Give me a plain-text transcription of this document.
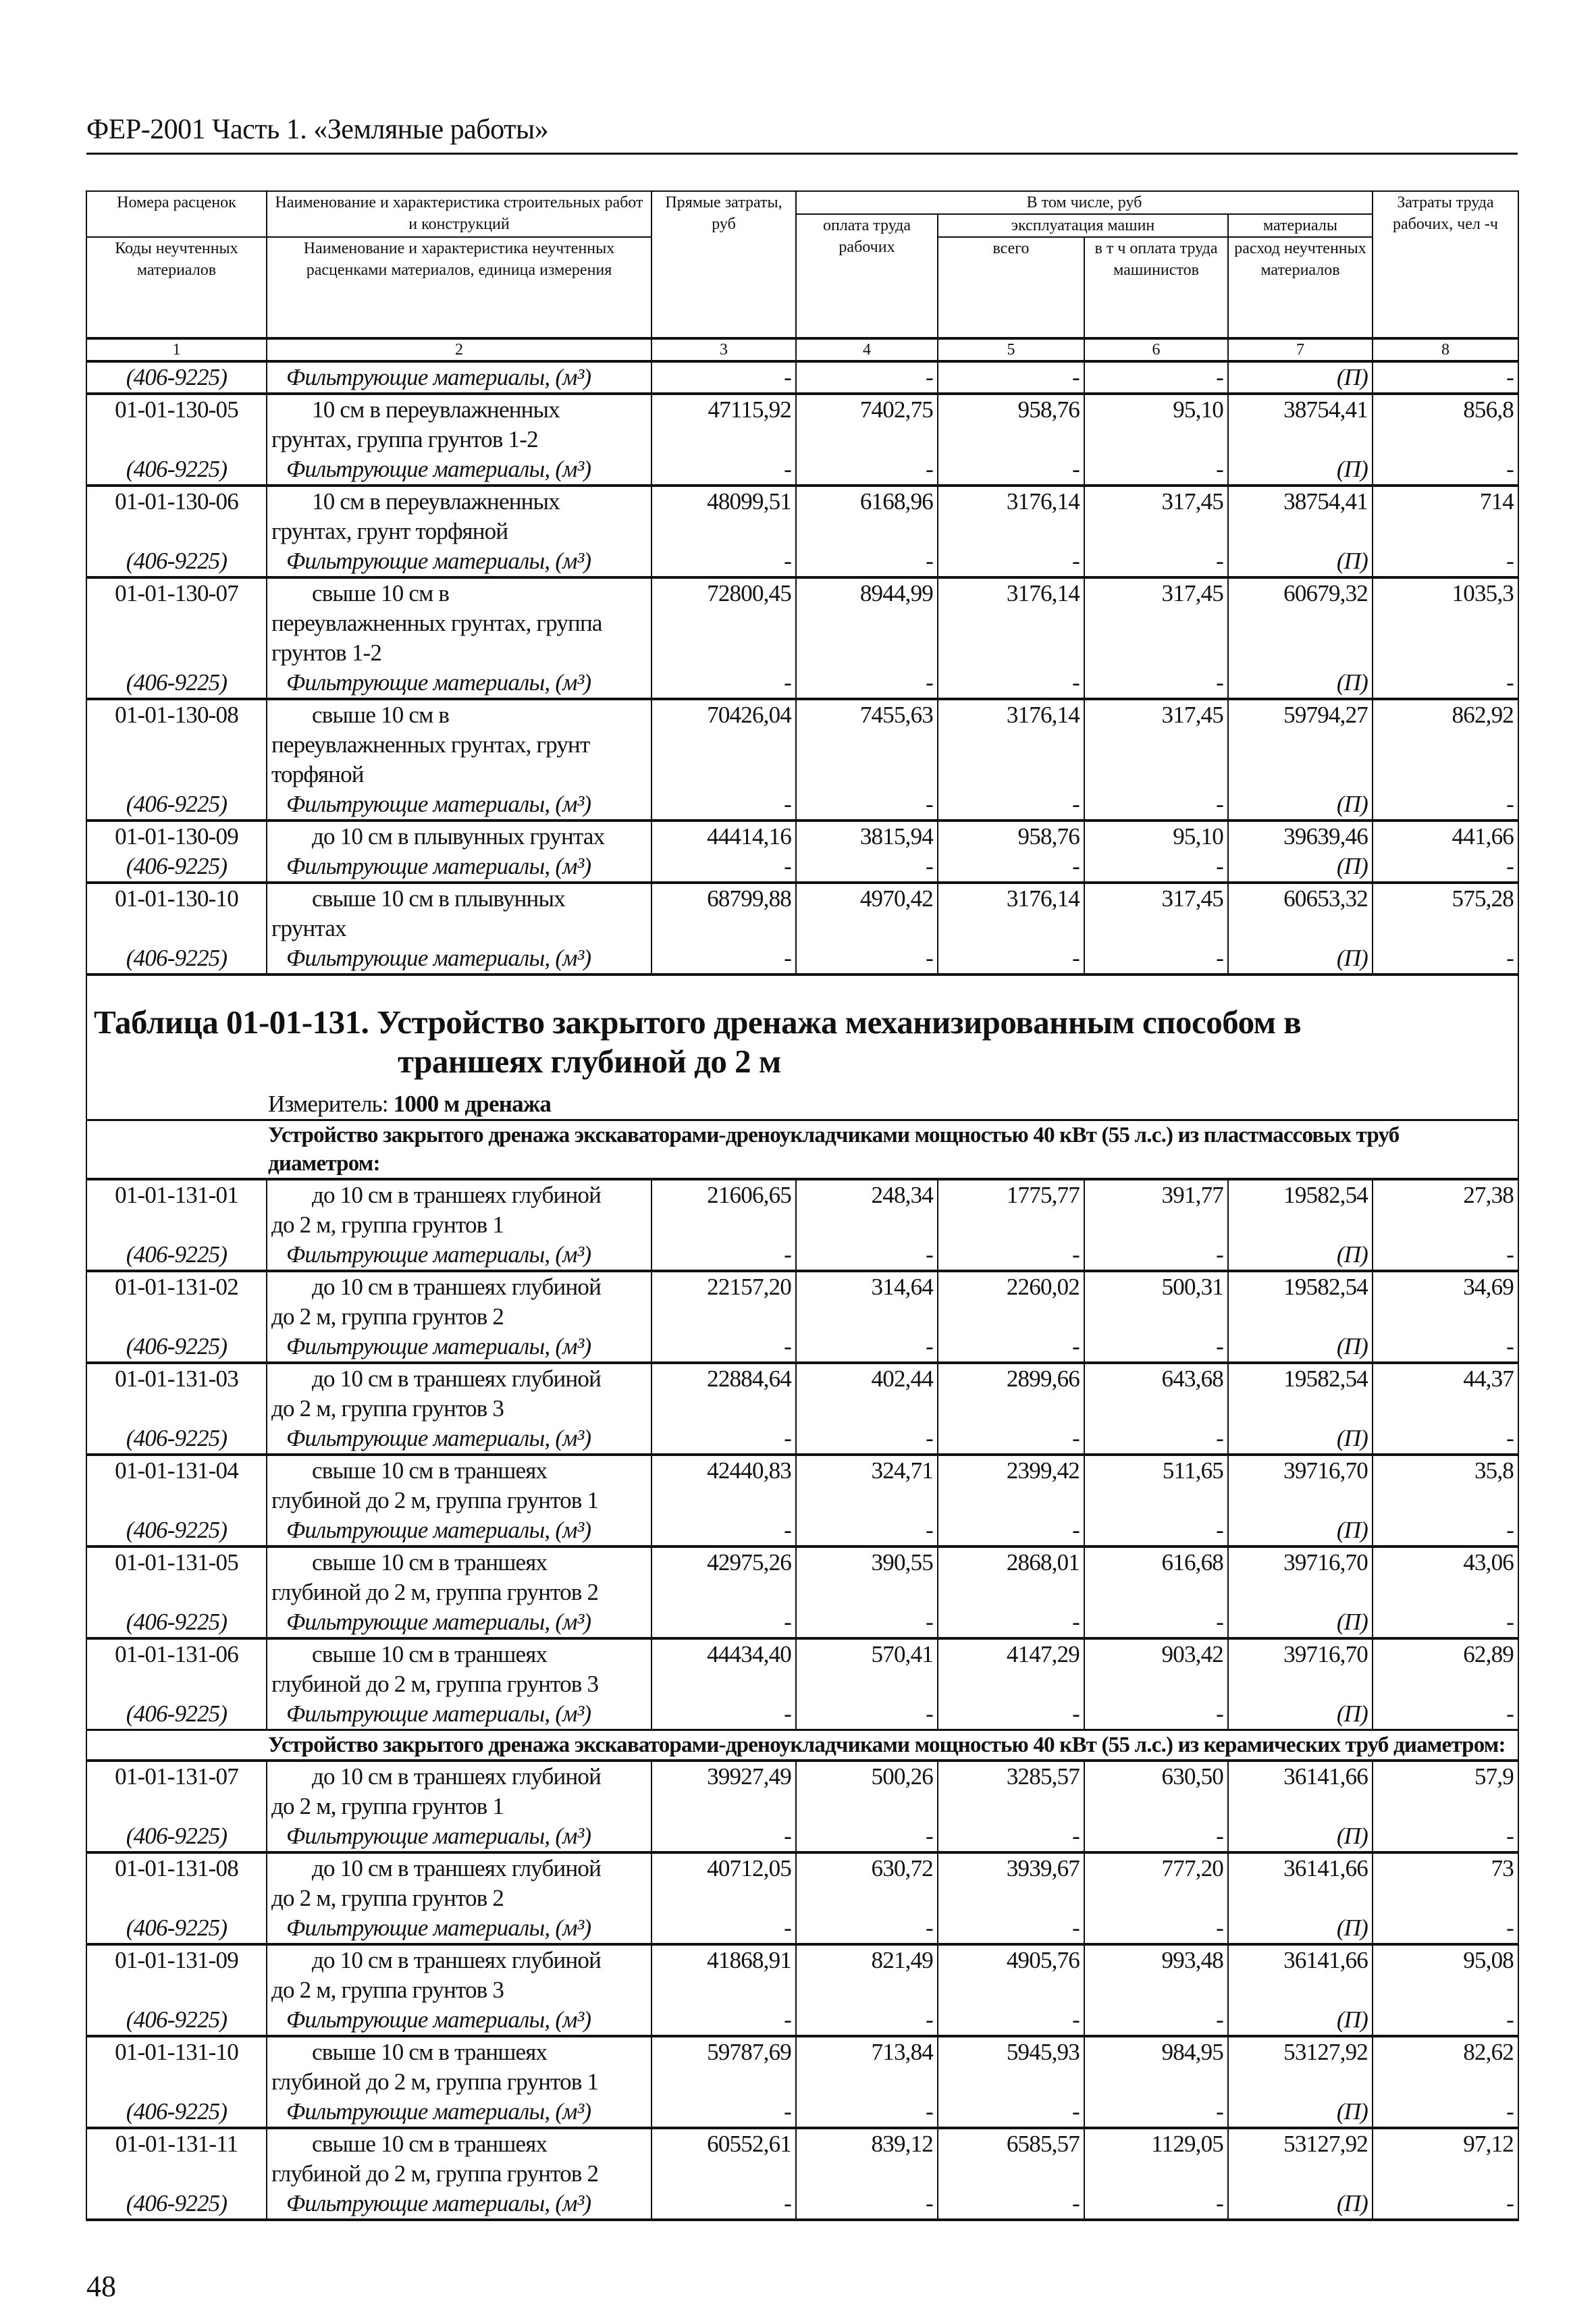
ФЕР-2001 Часть 1. «Земляные работы»
Номера расценок	Наименование и характеристика строительных работ и конструкций	Прямые затраты, руб	В том числе, руб				Затраты труда рабочих, чел -ч
			оплата труда рабочих	эксплуатация машин		материалы	
Коды неучтенных материалов	Наименование и характеристика неучтенных расценками материалов, единица измерения			всего	в т ч оплата труда машинистов	расход неучтенных материалов	
1	2	3	4	5	6	7	8
(406-9225)	Фильтрующие материалы, (м³)	-	-	-	-	(П)	-
01-01-130-05	10 см в переувлажненных
грунтах, группа грунтов 1-2	47115,92	7402,75	958,76	95,10	38754,41	856,8
(406-9225)	Фильтрующие материалы, (м³)	-	-	-	-	(П)	-
01-01-130-06	10 см в переувлажненных
грунтах, грунт торфяной	48099,51	6168,96	3176,14	317,45	38754,41	714
(406-9225)	Фильтрующие материалы, (м³)	-	-	-	-	(П)	-
01-01-130-07	свыше 10 см в
переувлажненных грунтах, группа
грунтов 1-2	72800,45	8944,99	3176,14	317,45	60679,32	1035,3
(406-9225)	Фильтрующие материалы, (м³)	-	-	-	-	(П)	-
01-01-130-08	свыше 10 см в
переувлажненных грунтах, грунт
торфяной	70426,04	7455,63	3176,14	317,45	59794,27	862,92
(406-9225)	Фильтрующие материалы, (м³)	-	-	-	-	(П)	-
01-01-130-09	до 10 см в плывунных грунтах	44414,16	3815,94	958,76	95,10	39639,46	441,66
(406-9225)	Фильтрующие материалы, (м³)	-	-	-	-	(П)	-
01-01-130-10	свыше 10 см в плывунных
грунтах	68799,88	4970,42	3176,14	317,45	60653,32	575,28
(406-9225)	Фильтрующие материалы, (м³)	-	-	-	-	(П)	-

Таблица 01-01-131. Устройство закрытого дренажа механизированным способом в
траншеях глубиной до 2 м
Измеритель: 1000 м дренажа							

Устройство закрытого дренажа экскаваторами-дреноукладчиками мощностью 40 кВт (55 л.с.) из пластмассовых труб диаметром:							
01-01-131-01	до 10 см в траншеях глубиной
до 2 м, группа грунтов 1	21606,65	248,34	1775,77	391,77	19582,54	27,38
(406-9225)	Фильтрующие материалы, (м³)	-	-	-	-	(П)	-
01-01-131-02	до 10 см в траншеях глубиной
до 2 м, группа грунтов 2	22157,20	314,64	2260,02	500,31	19582,54	34,69
(406-9225)	Фильтрующие материалы, (м³)	-	-	-	-	(П)	-
01-01-131-03	до 10 см в траншеях глубиной
до 2 м, группа грунтов 3	22884,64	402,44	2899,66	643,68	19582,54	44,37
(406-9225)	Фильтрующие материалы, (м³)	-	-	-	-	(П)	-
01-01-131-04	свыше 10 см в траншеях
глубиной до 2 м, группа грунтов 1	42440,83	324,71	2399,42	511,65	39716,70	35,8
(406-9225)	Фильтрующие материалы, (м³)	-	-	-	-	(П)	-
01-01-131-05	свыше 10 см в траншеях
глубиной до 2 м, группа грунтов 2	42975,26	390,55	2868,01	616,68	39716,70	43,06
(406-9225)	Фильтрующие материалы, (м³)	-	-	-	-	(П)	-
01-01-131-06	свыше 10 см в траншеях
глубиной до 2 м, группа грунтов 3	44434,40	570,41	4147,29	903,42	39716,70	62,89
(406-9225)	Фильтрующие материалы, (м³)	-	-	-	-	(П)	-
Устройство закрытого дренажа экскаваторами-дреноукладчиками мощностью 40 кВт (55 л.с.) из керамических труб диаметром:							
01-01-131-07	до 10 см в траншеях глубиной
до 2 м, группа грунтов 1	39927,49	500,26	3285,57	630,50	36141,66	57,9
(406-9225)	Фильтрующие материалы, (м³)	-	-	-	-	(П)	-
01-01-131-08	до 10 см в траншеях глубиной
до 2 м, группа грунтов 2	40712,05	630,72	3939,67	777,20	36141,66	73
(406-9225)	Фильтрующие материалы, (м³)	-	-	-	-	(П)	-
01-01-131-09	до 10 см в траншеях глубиной
до 2 м, группа грунтов 3	41868,91	821,49	4905,76	993,48	36141,66	95,08
(406-9225)	Фильтрующие материалы, (м³)	-	-	-	-	(П)	-
01-01-131-10	свыше 10 см в траншеях
глубиной до 2 м, группа грунтов 1	59787,69	713,84	5945,93	984,95	53127,92	82,62
(406-9225)	Фильтрующие материалы, (м³)	-	-	-	-	(П)	-
01-01-131-11	свыше 10 см в траншеях
глубиной до 2 м, группа грунтов 2	60552,61	839,12	6585,57	1129,05	53127,92	97,12
(406-9225)	Фильтрующие материалы, (м³)	-	-	-	-	(П)	-
48
